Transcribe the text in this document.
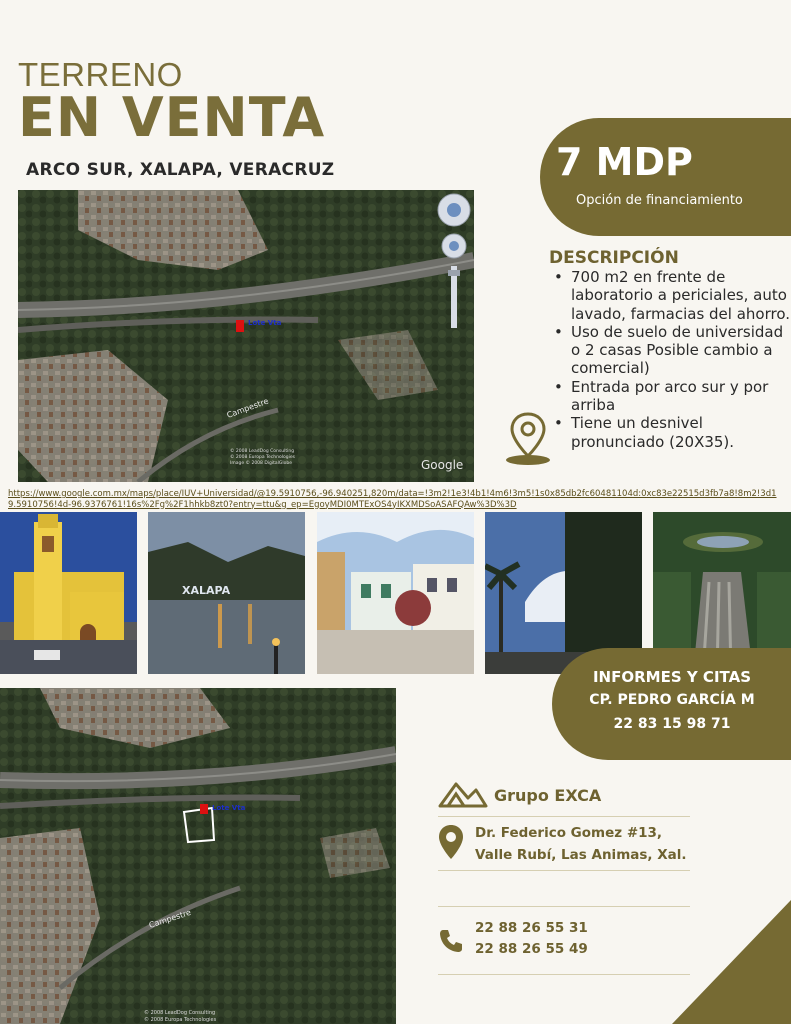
TERRENO
EN VENTA
ARCO SUR, XALAPA, VERACRUZ	7 MDP
Opción de financiamiento
DESCRIPCIÓN
• 700 m2 en frente de laboratorio a periciales, auto lavado, farmacias del ahorro.
• Uso de suelo de universidad o 2 casas Posible cambio a comercial)
• Entrada por arco sur y por arriba
• Tiene un desnivel pronunciado (20X35).
Campestre
Lote Vta
Google
© 2008 LeadDog Consulting © 2008 Europa Technologies Image © 2008 DigitalGlobe
https://www.google.com.mx/maps/place/IUV+Universidad/@19.5910756,-96.940251,820m/data=!3m2!1e3!4b1!4m6!3m5!1s0x85db2fc60481104d:0xc83e22515d3fb7a8!8m2!3d19.5910756!4d-96.9376761!16s%2Fg%2F1hhkb8zt0?entry=ttu&g_ep=EgoyMDI0MTExOS4yIKXMDSoASAFQAw%3D%3D
XALAPA
INFORMES Y CITAS
CP. PEDRO GARCÍA M
22 83 15 98 71
Campestre
Lote Vta
© 2008 LeadDog Consulting © 2008 Europa Technologies
Grupo EXCA
Dr. Federico Gomez #13,
Valle Rubí, Las Animas, Xal.
22 88 26 55 31
22 88 26 55 49
